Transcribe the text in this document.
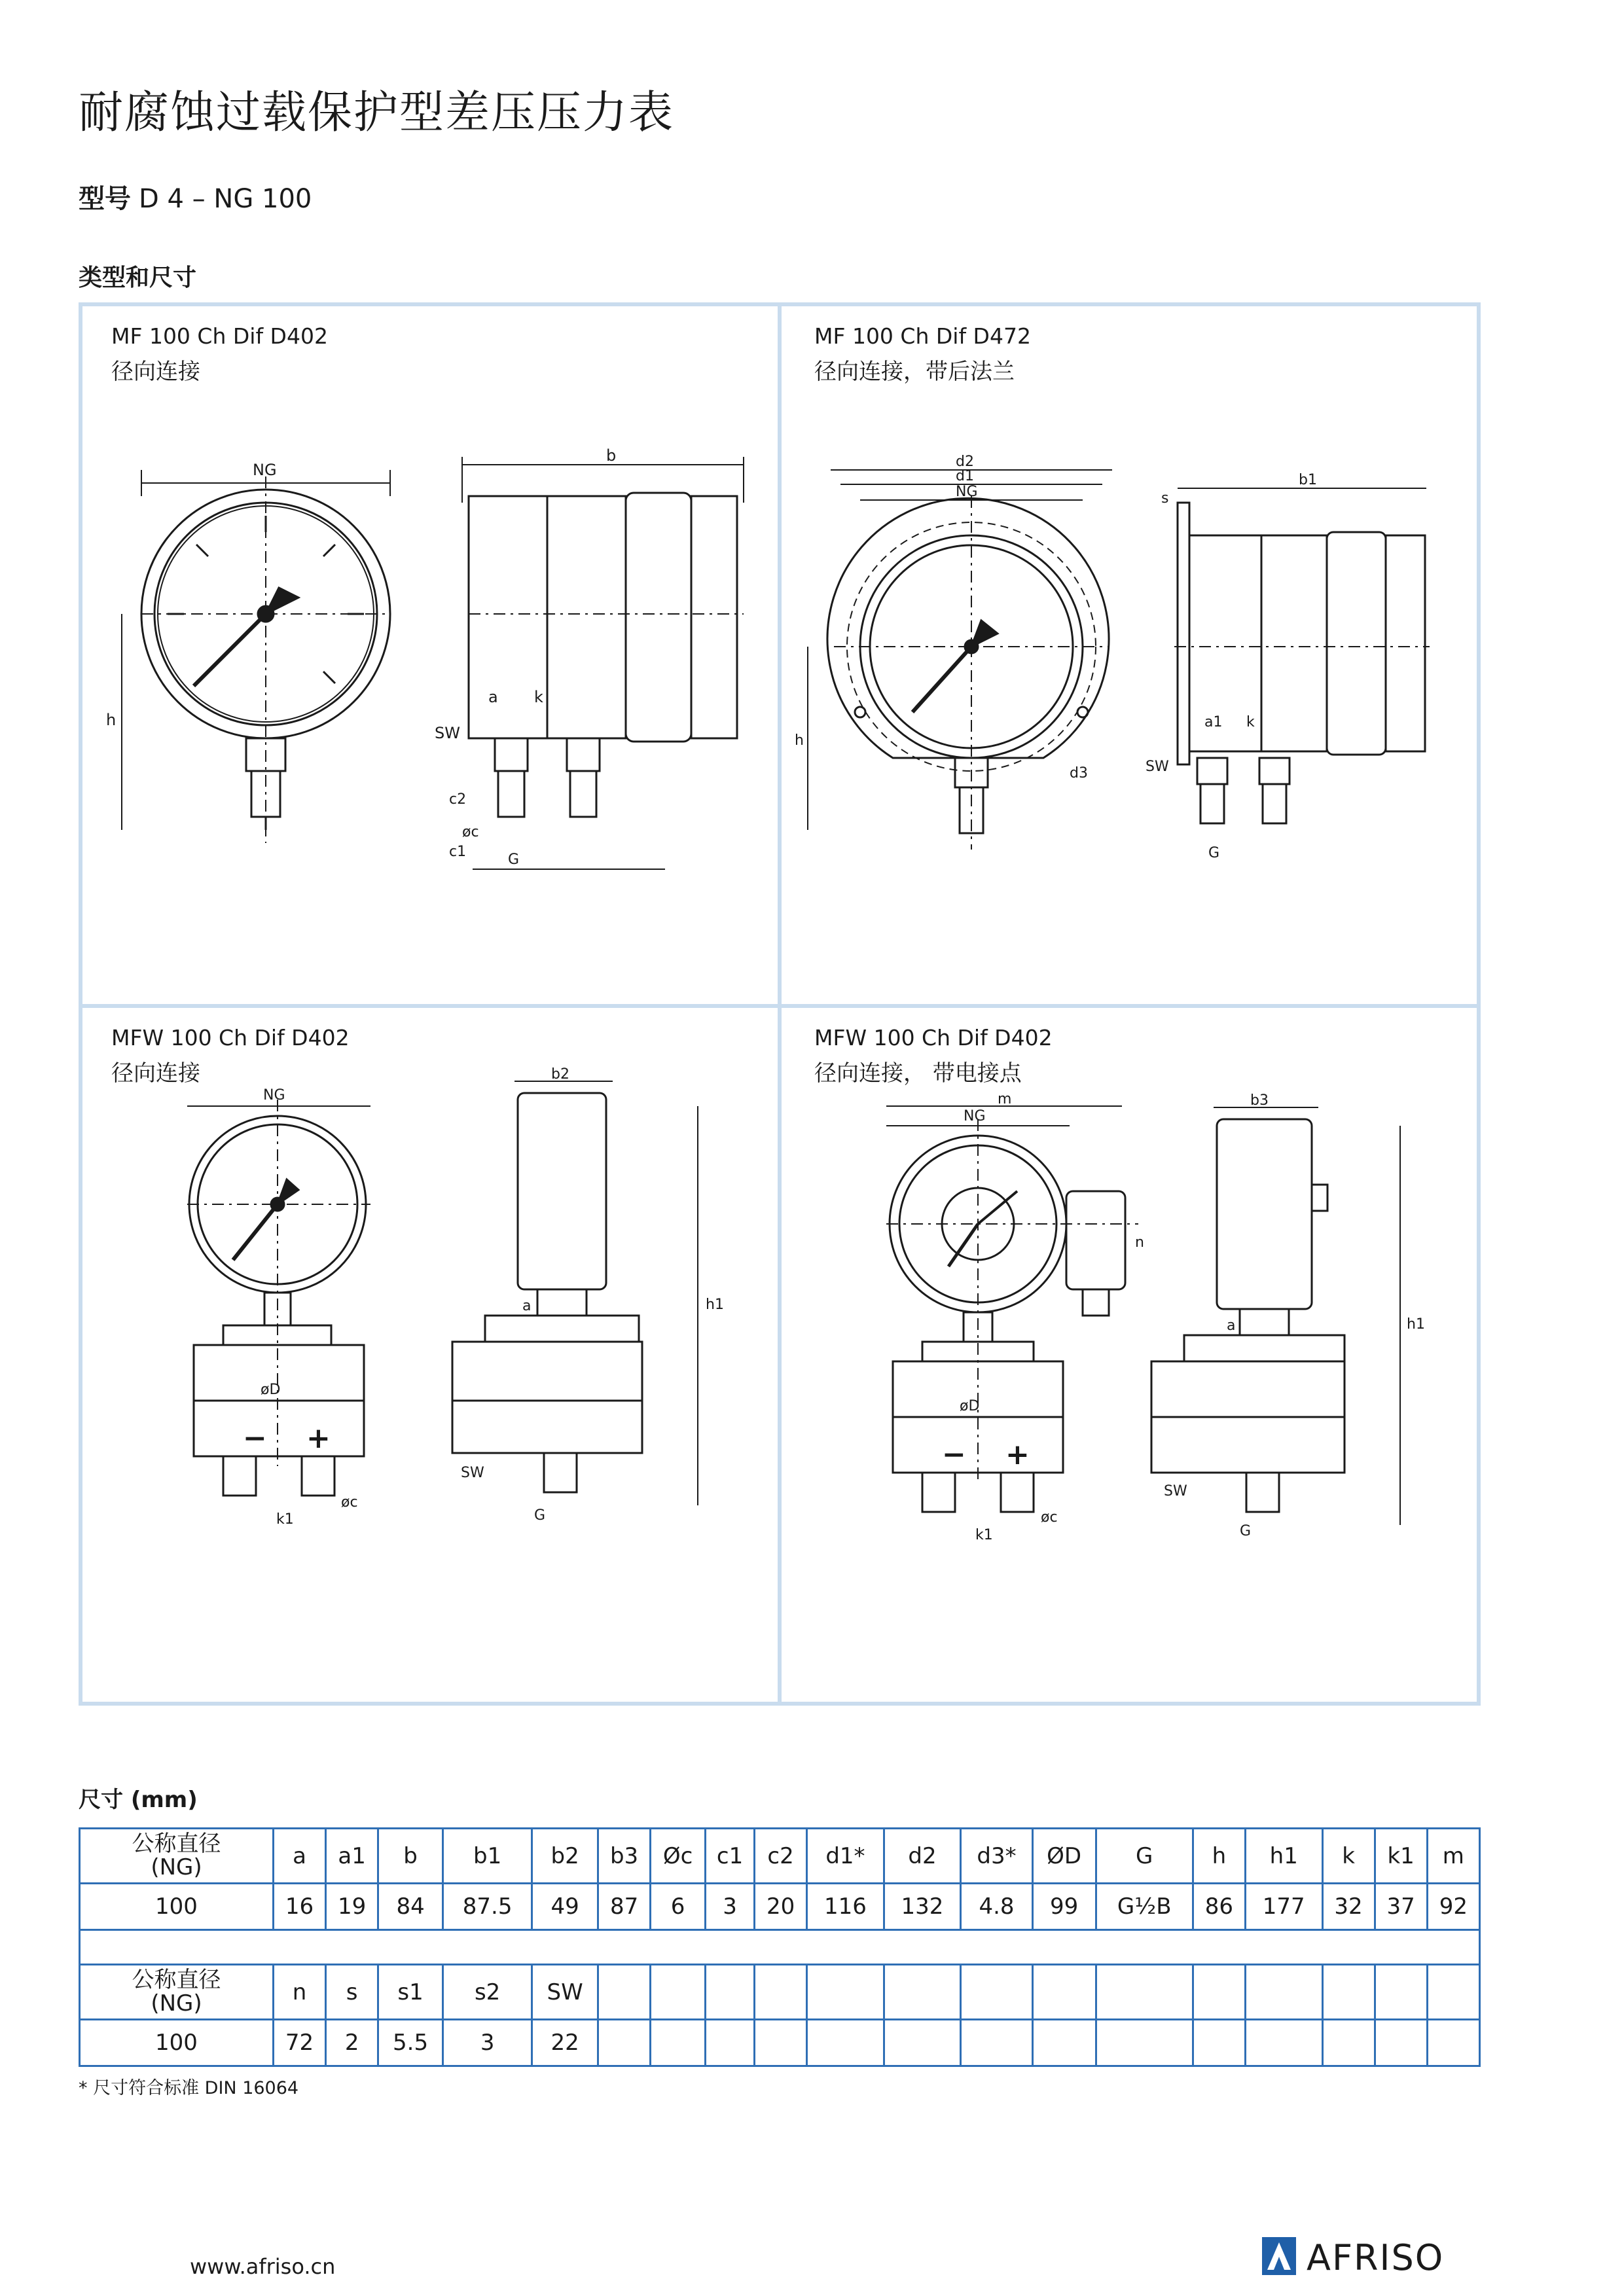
耐腐蚀过载保护型差压压力表
型号 D 4 – NG 100
类型和尺寸
MF 100 Ch Dif D402
径向连接
NG
h
b
a k
SW
c2
c1
øc
G
MF 100 Ch Dif D472
径向连接，带后法兰
d2
d1
NG
d3
h
b1
s
a1 k
SW
G
MFW 100 Ch Dif D402
径向连接
NG
øD
− +
k1
øc
b2
a	h1
SW
G
MFW 100 Ch Dif D402
径向连接， 带电接点
m
NG
n
øD
− +
k1
øc
b3
a	h1
SW
G
尺寸 (mm)
公称直径
(NG)	a	a1	b	b1	b2	b3	Øc	c1	c2	d1*	d2	d3*	ØD	G	h	h1	k	k1	m
100	16	19	84	87.5	49	87	6	3	20	116	132	4.8	99	G½B	86	177	32	37	92

公称直径
(NG)	n	s	s1	s2	SW														
100	72	2	5.5	3	22														
* 尺寸符合标准 DIN 16064
www.afriso.cn	AFRISO
